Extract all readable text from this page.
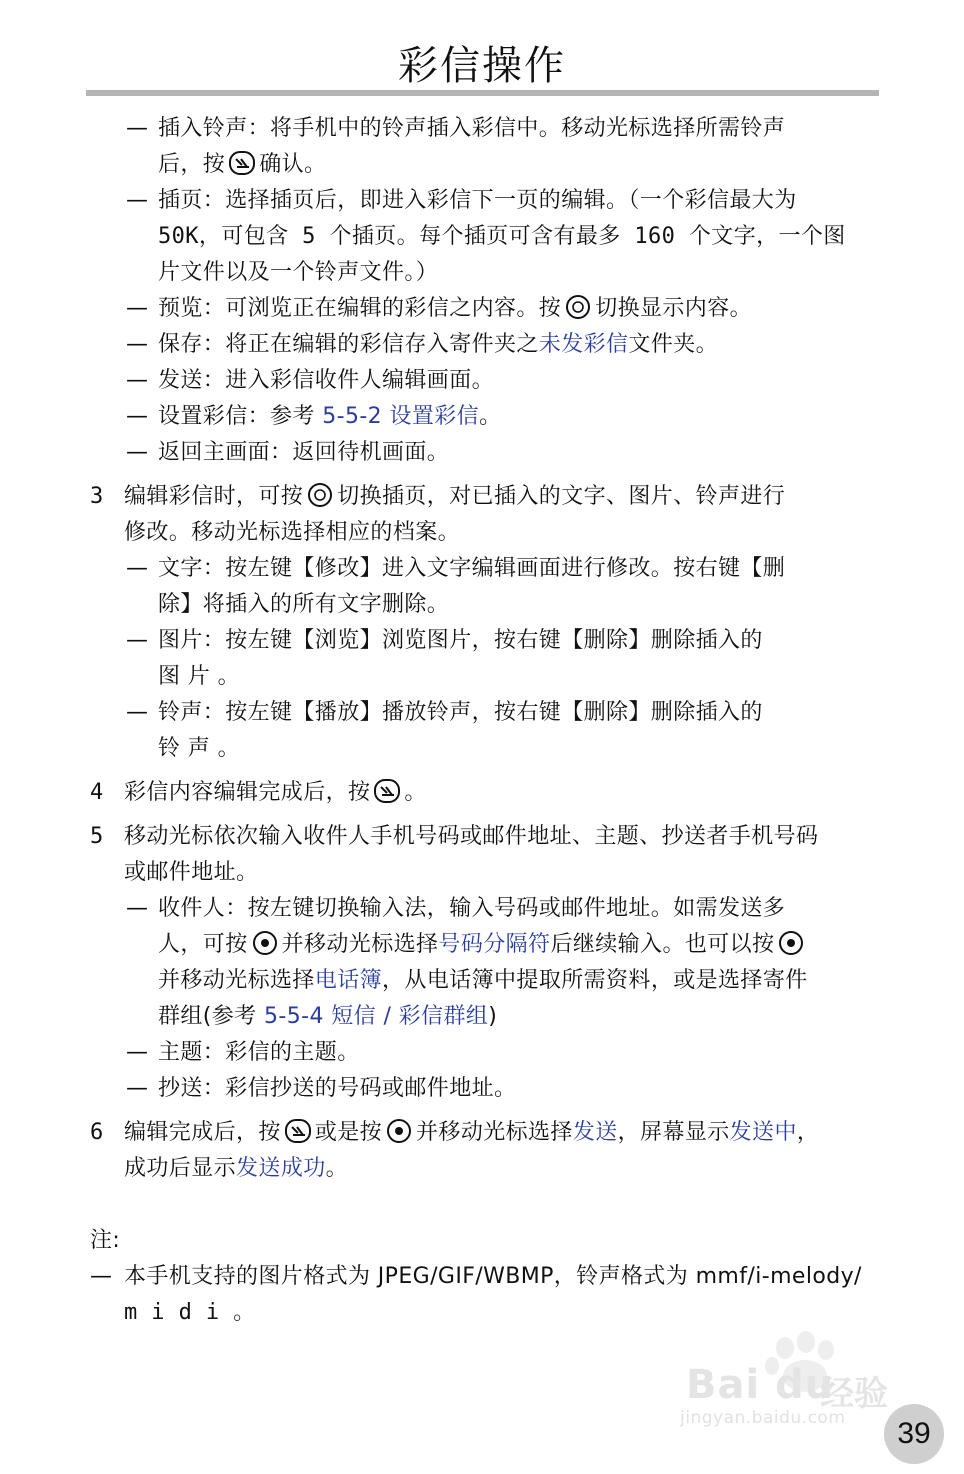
彩信操作
— 插入铃声：将手机中的铃声插入彩信中。移动光标选择所需铃声
后，按 确认。
— 插页：选择插页后，即进入彩信下一页的编辑。（一个彩信最大为
50K，可包含 5 个插页。每个插页可含有最多 160 个文字，一个图
片文件以及一个铃声文件。）
— 预览：可浏览正在编辑的彩信之内容。按 切换显示内容。
— 保存：将正在编辑的彩信存入寄件夹之未发彩信文件夹。
— 发送：进入彩信收件人编辑画面。
— 设置彩信：参考 5-5-2 设置彩信。
— 返回主画面：返回待机画面。
3 编辑彩信时，可按 切换插页，对已插入的文字、图片、铃声进行
修改。移动光标选择相应的档案。
— 文字：按左键【修改】进入文字编辑画面进行修改。按右键【删
除】将插入的所有文字删除。
— 图片：按左键【浏览】浏览图片，按右键【删除】删除插入的
图 片 。
— 铃声：按左键【播放】播放铃声，按右键【删除】删除插入的
铃 声 。
4 彩信内容编辑完成后，按 。
5 移动光标依次输入收件人手机号码或邮件地址、主题、抄送者手机号码
或邮件地址。
— 收件人：按左键切换输入法，输入号码或邮件地址。如需发送多
人，可按 并移动光标选择号码分隔符后继续输入。也可以按
并移动光标选择电话簿，从电话簿中提取所需资料，或是选择寄件
群组(参考 5-5-4 短信 / 彩信群组)
— 主题：彩信的主题。
— 抄送：彩信抄送的号码或邮件地址。
6 编辑完成后，按 或是按 并移动光标选择发送，屏幕显示发送中，
成功后显示发送成功。
注:
— 本手机支持的图片格式为 JPEG/GIF/WBMP，铃声格式为 mmf/i-melody/
m i d i 。
Bai du
经验
jingyan.baidu.com	39
